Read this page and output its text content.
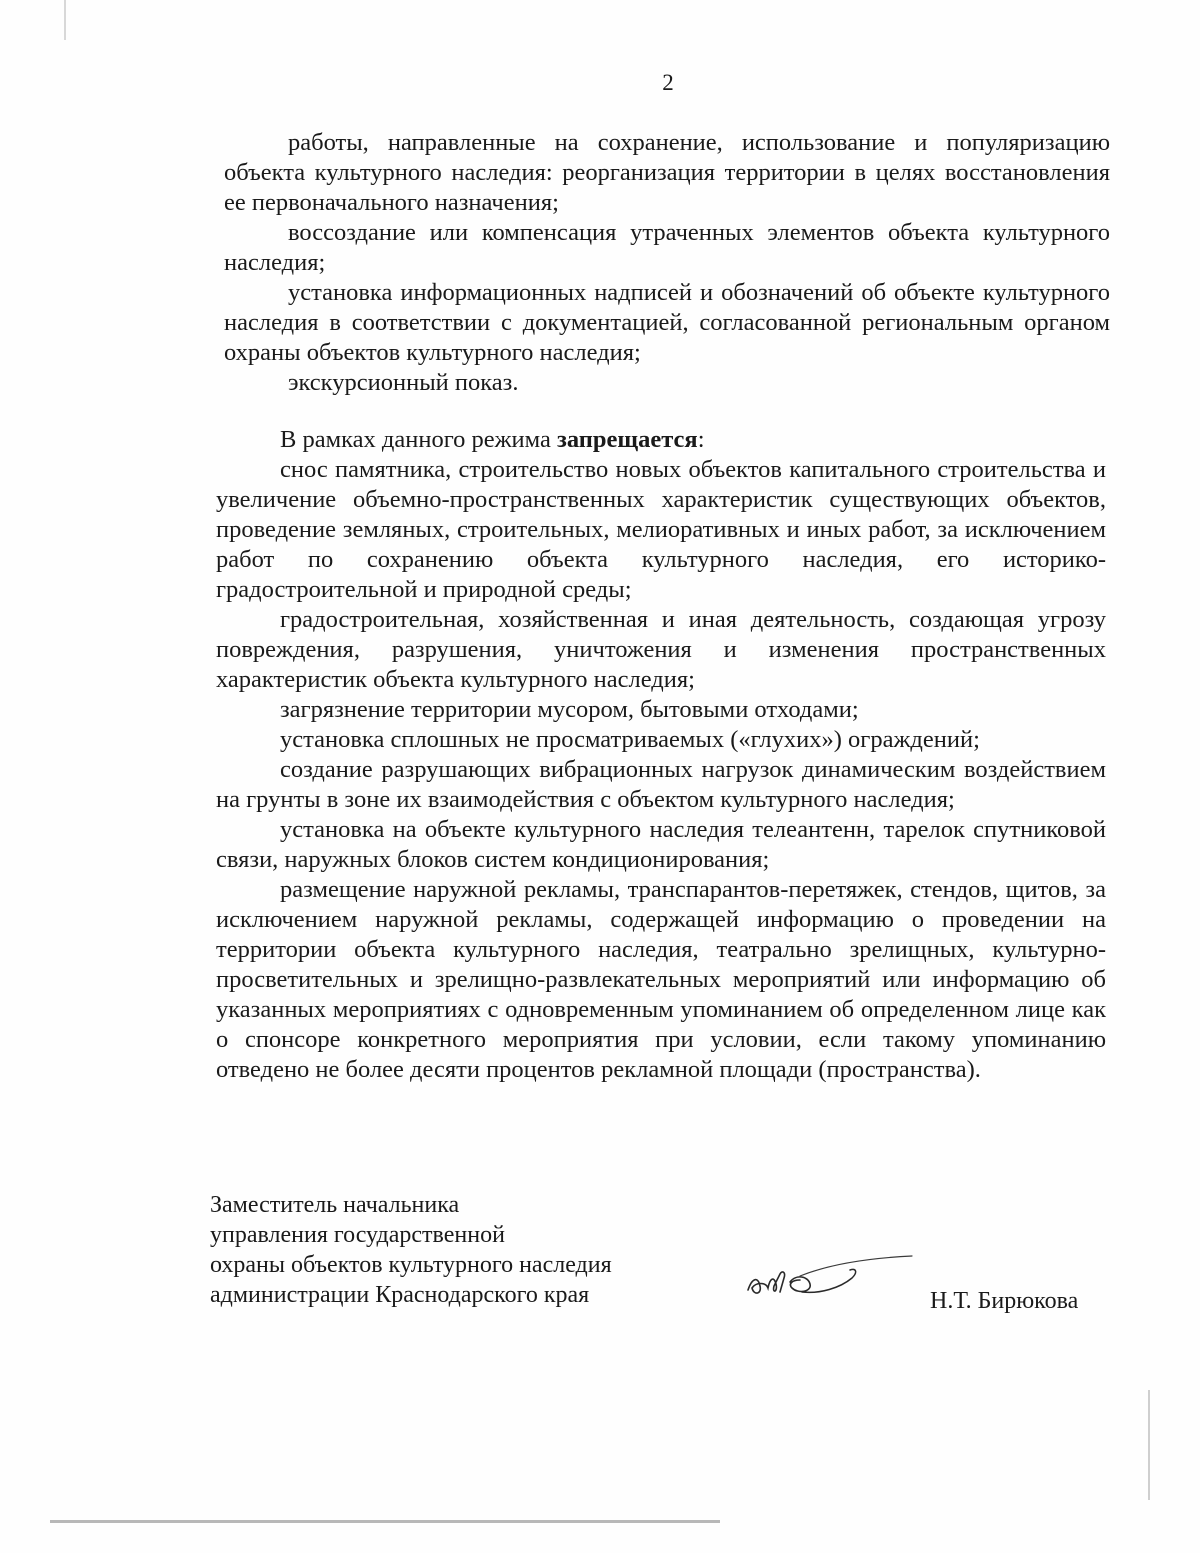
2

работы, направленные на сохранение, использование и популяризацию объекта культурного наследия: реорганизация территории в целях восстановления ее первоначального назначения;

воссоздание или компенсация утраченных элементов объекта культурного наследия;

установка информационных надписей и обозначений об объекте культурного наследия в соответствии с документацией, согласованной региональным органом охраны объектов культурного наследия;

экскурсионный показ.

В рамках данного режима запрещается:

снос памятника, строительство новых объектов капитального строительства и увеличение объемно-пространственных характеристик существующих объектов, проведение земляных, строительных, мелиоративных и иных работ, за исключением работ по сохранению объекта культурного наследия, его историко-градостроительной и природной среды;

градостроительная, хозяйственная и иная деятельность, создающая угрозу повреждения, разрушения, уничтожения и изменения пространственных характеристик объекта культурного наследия;

загрязнение территории мусором, бытовыми отходами;

установка сплошных не просматриваемых («глухих») ограждений;

создание разрушающих вибрационных нагрузок динамическим воздействием на грунты в зоне их взаимодействия с объектом культурного наследия;

установка на объекте культурного наследия телеантенн, тарелок спутниковой связи, наружных блоков систем кондиционирования;

размещение наружной рекламы, транспарантов-перетяжек, стендов, щитов, за исключением наружной рекламы, содержащей информацию о проведении на территории объекта культурного наследия, театрально зрелищных, культурно-просветительных и зрелищно-развлекательных мероприятий или информацию об указанных мероприятиях с одновременным упоминанием об определенном лице как о спонсоре конкретного мероприятия при условии, если такому упоминанию отведено не более десяти процентов рекламной площади (пространства).

Заместитель начальника
управления государственной
охраны объектов культурного наследия
администрации Краснодарского края	Н.Т. Бирюкова
